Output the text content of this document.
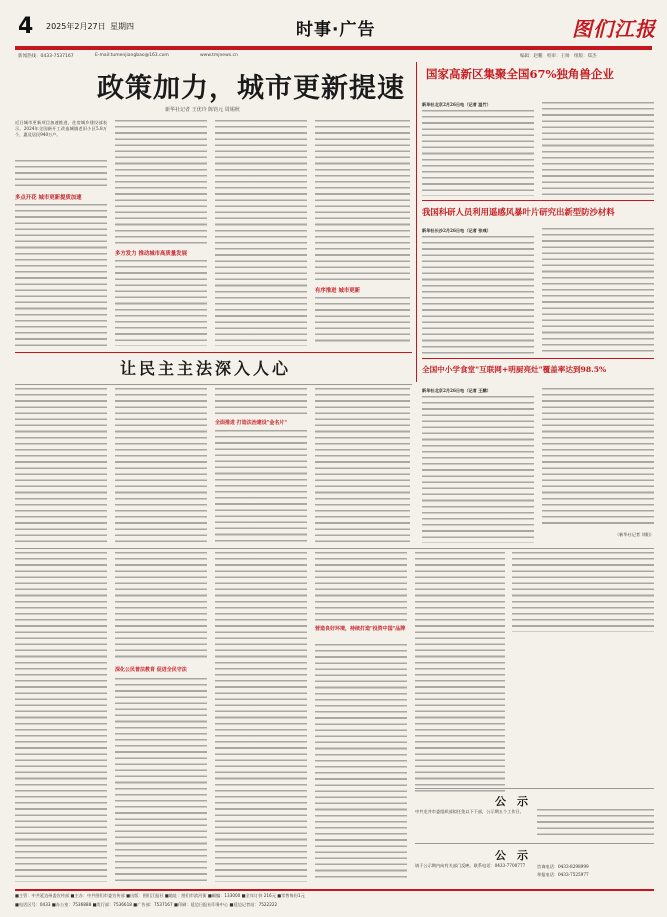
4 2025年2月27日 星期四	时事·广告	图们江报
新闻热线：0433-7537167	E-mail:tumenjiangbao@163.com	www.tmjnews.cn	编辑：赵鹏　校审：王帅　组版：郑杰
政策加力，城市更新提速
新华社记者 王优玲 陈钧元 周锡秋
近日城市更新项目加速推进，住房城乡建设部表示，2024年全国新开工改造城镇老旧小区5.8万个，惠及居民940万户。
多点开花 城市更新提质加速
多方发力 推动城市高质量发展
有序推进 城市更新
国家高新区集聚全国67%独角兽企业
新华社北京2月26日电（记者 温竹）
我国科研人员利用遥感风暴叶片研究出新型防沙材料
新华社长沙2月26日电（记者 张彧）
全国中小学食堂"互联网+明厨亮灶"覆盖率达到98.5%
让民主主法深入人心
全面推进 打造法治建设"金名片"
新华社北京2月26日电（记者 王鹏）
（新华社记者 刘阳）
深化公民普法教育 促进全民守法
营造良好环境，持续打造"投资中国"品牌
公　示
中共龙井市委组织部拟任免以下干部，公示期五个工作日。
公　示
请于公示期内向有关部门反映。联系电话：0433-7700777	咨询电话：0433-8298999
举报电话：0433-7525977
■主管：中共延边州委宣传部 ■主办：中共图们市委宣传部 ■出版：图们江报社 ■地址：图们市滨河街 ■邮编：133000 ■全年订价 216元 ■零售每份1元
■电话区号：0433 ■办公室：7536888 ■发行部：7536618 ■广告部：7537167 ■印刷：延边日报社印务中心 ■延边记者站：7522222
